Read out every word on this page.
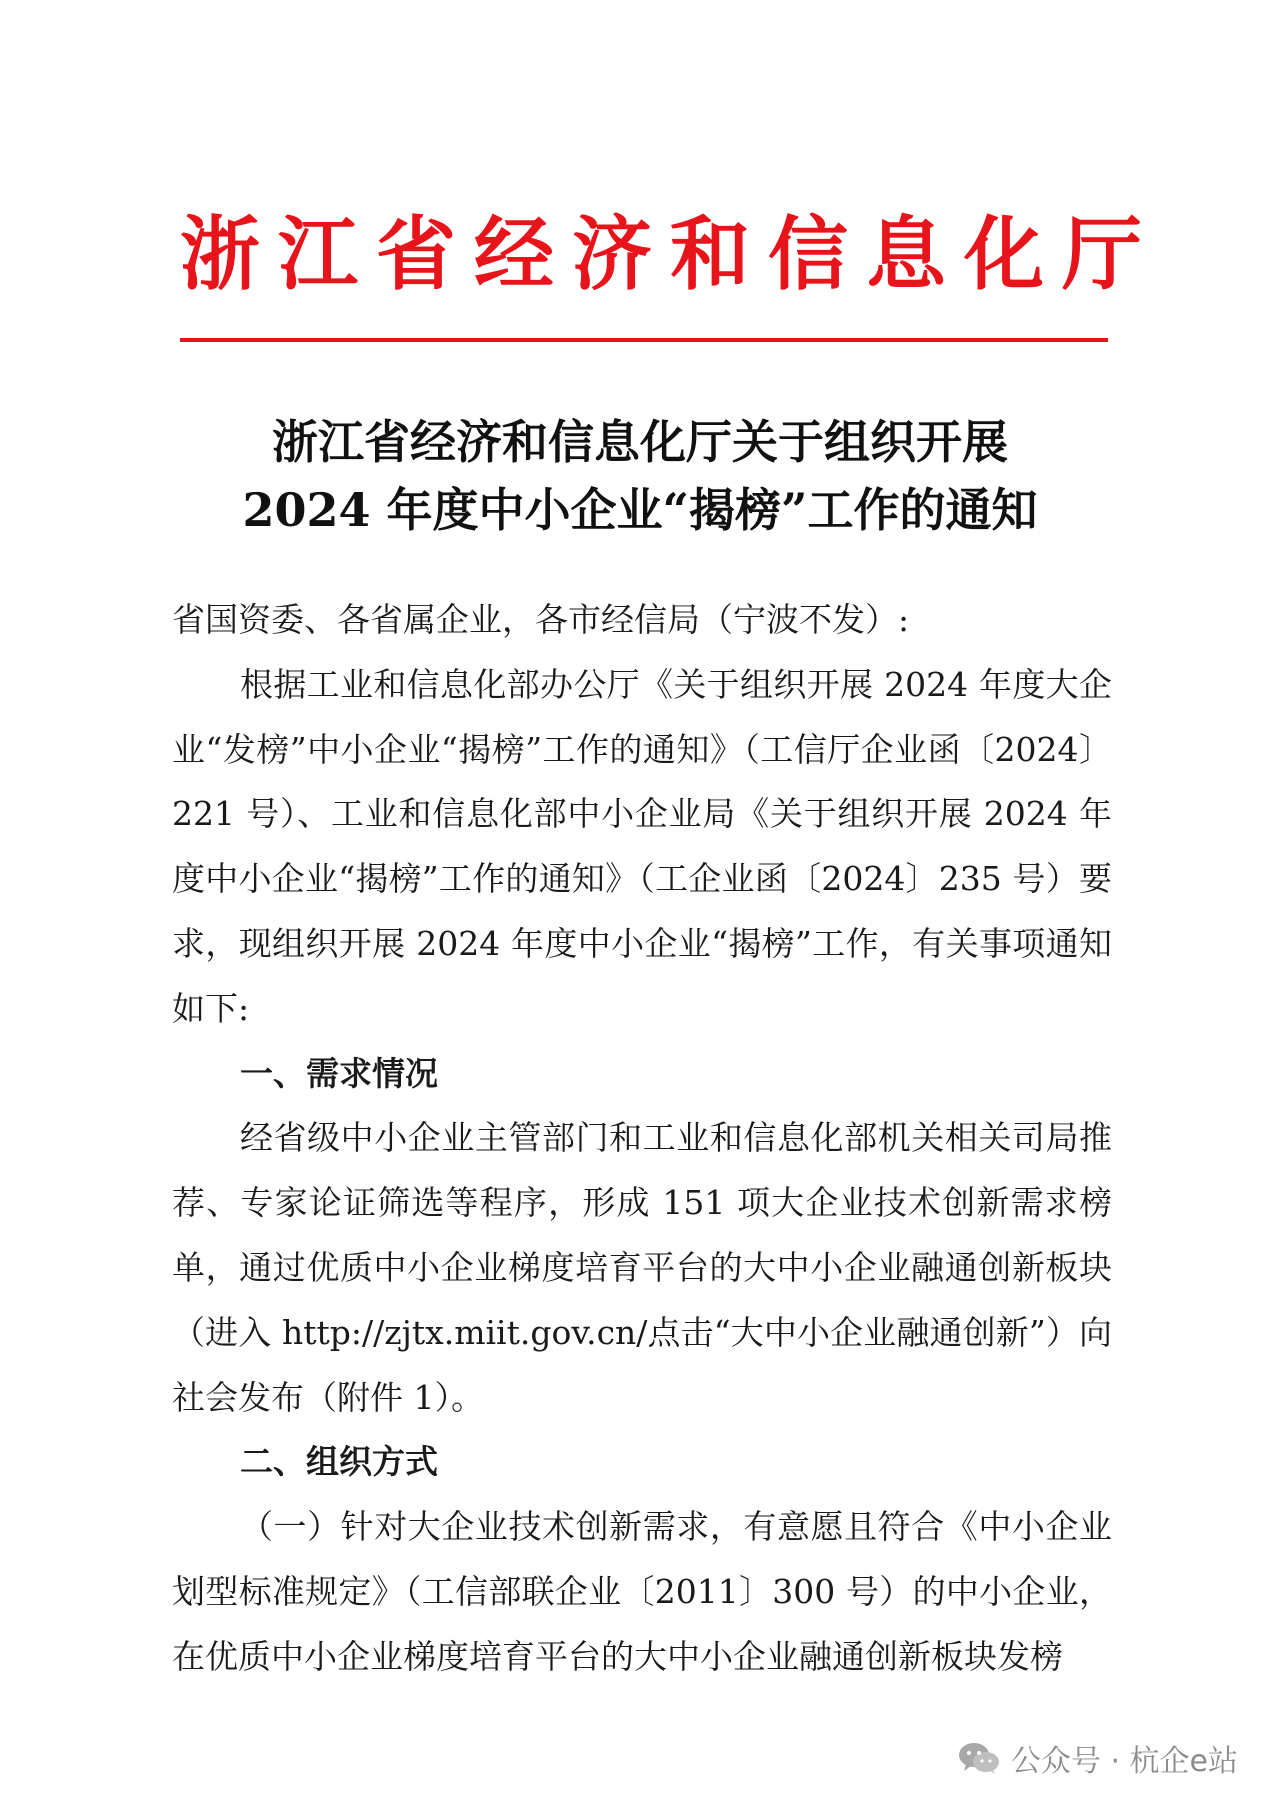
浙江省经济和信息化厅
浙江省经济和信息化厅关于组织开展
2024 年度中小企业“揭榜”工作的通知

省国资委、各省属企业，各市经信局（宁波不发）:

根据工业和信息化部办公厅《关于组织开展 2024 年度大企业“发榜”中小企业“揭榜”工作的通知》（工信厅企业函〔2024〕221 号）、工业和信息化部中小企业局《关于组织开展 2024 年度中小企业“揭榜”工作的通知》（工企业函〔2024〕235 号）要求，现组织开展 2024 年度中小企业“揭榜”工作，有关事项通知如下:

一、需求情况

经省级中小企业主管部门和工业和信息化部机关相关司局推荐、专家论证筛选等程序，形成 151 项大企业技术创新需求榜单，通过优质中小企业梯度培育平台的大中小企业融通创新板块（进入 http://zjtx.miit.gov.cn/点击“大中小企业融通创新”）向社会发布（附件 1）。

二、组织方式

（一）针对大企业技术创新需求，有意愿且符合《中小企业划型标准规定》（工信部联企业〔2011〕300 号）的中小企业，在优质中小企业梯度培育平台的大中小企业融通创新板块发榜

公众号 · 杭企e站
